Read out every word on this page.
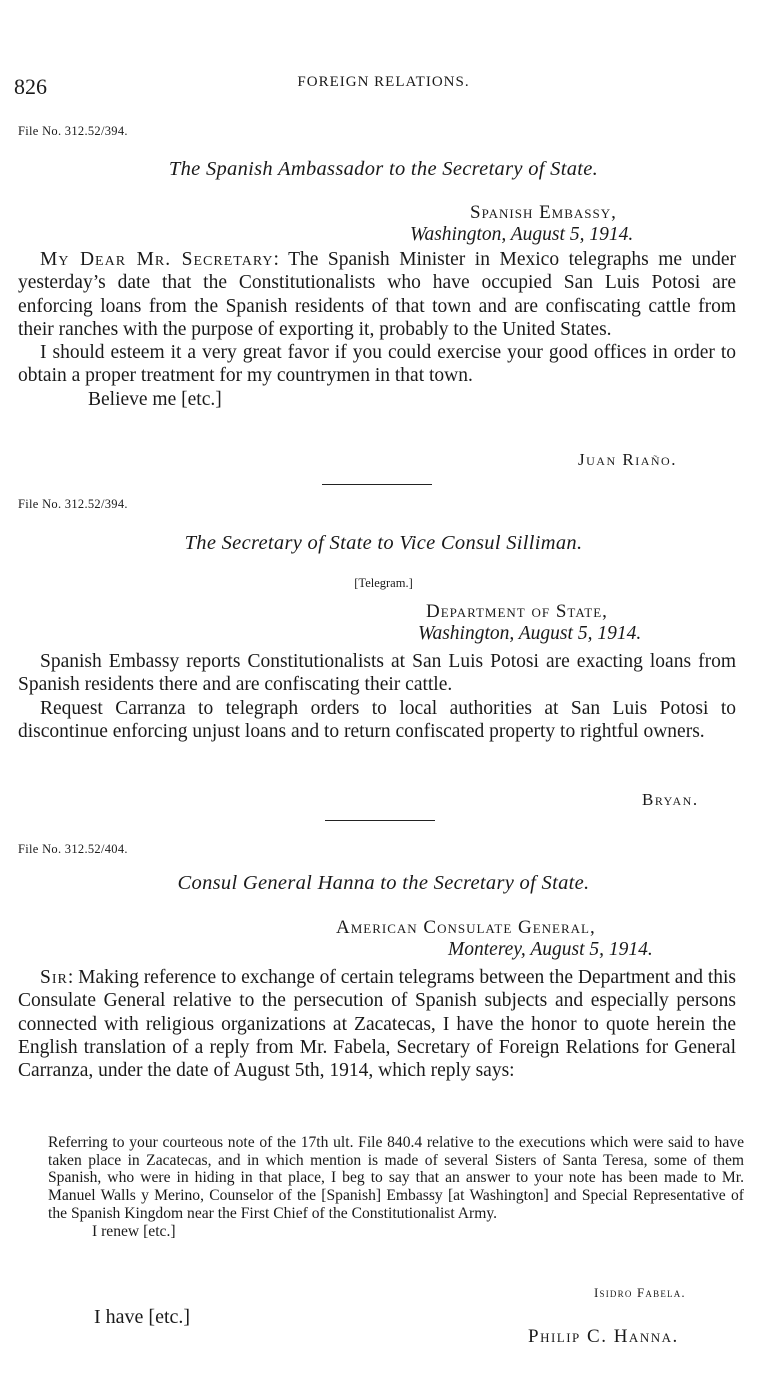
826	FOREIGN RELATIONS.
File No. 312.52/394.
The Spanish Ambassador to the Secretary of State.
Spanish Embassy,
Washington, August 5, 1914.

My Dear Mr. Secretary: The Spanish Minister in Mexico telegraphs me under yesterday’s date that the Constitutionalists who have occupied San Luis Potosi are enforcing loans from the Spanish residents of that town and are confiscating cattle from their ranches with the purpose of exporting it, probably to the United States.

I should esteem it a very great favor if you could exercise your good offices in order to obtain a proper treatment for my countrymen in that town.

Believe me [etc.]

Juan Riaño.
File No. 312.52/394.
The Secretary of State to Vice Consul Silliman.
[Telegram.]
Department of State,
Washington, August 5, 1914.

Spanish Embassy reports Constitutionalists at San Luis Potosi are exacting loans from Spanish residents there and are confiscating their cattle.

Request Carranza to telegraph orders to local authorities at San Luis Potosi to discontinue enforcing unjust loans and to return confiscated property to rightful owners.

Bryan.
File No. 312.52/404.
Consul General Hanna to the Secretary of State.
American Consulate General,
Monterey, August 5, 1914.

Sir: Making reference to exchange of certain telegrams between the Department and this Consulate General relative to the persecution of Spanish subjects and especially persons connected with religious organizations at Zacatecas, I have the honor to quote herein the English translation of a reply from Mr. Fabela, Secretary of Foreign Relations for General Carranza, under the date of August 5th, 1914, which reply says:

Referring to your courteous note of the 17th ult. File 840.4 relative to the executions which were said to have taken place in Zacatecas, and in which mention is made of several Sisters of Santa Teresa, some of them Spanish, who were in hiding in that place, I beg to say that an answer to your note has been made to Mr. Manuel Walls y Merino, Counselor of the [Spanish] Embassy [at Washington] and Special Representative of the Spanish Kingdom near the First Chief of the Constitutionalist Army.

I renew [etc.]

Isidro Fabela.
I have [etc.]
Philip C. Hanna.
